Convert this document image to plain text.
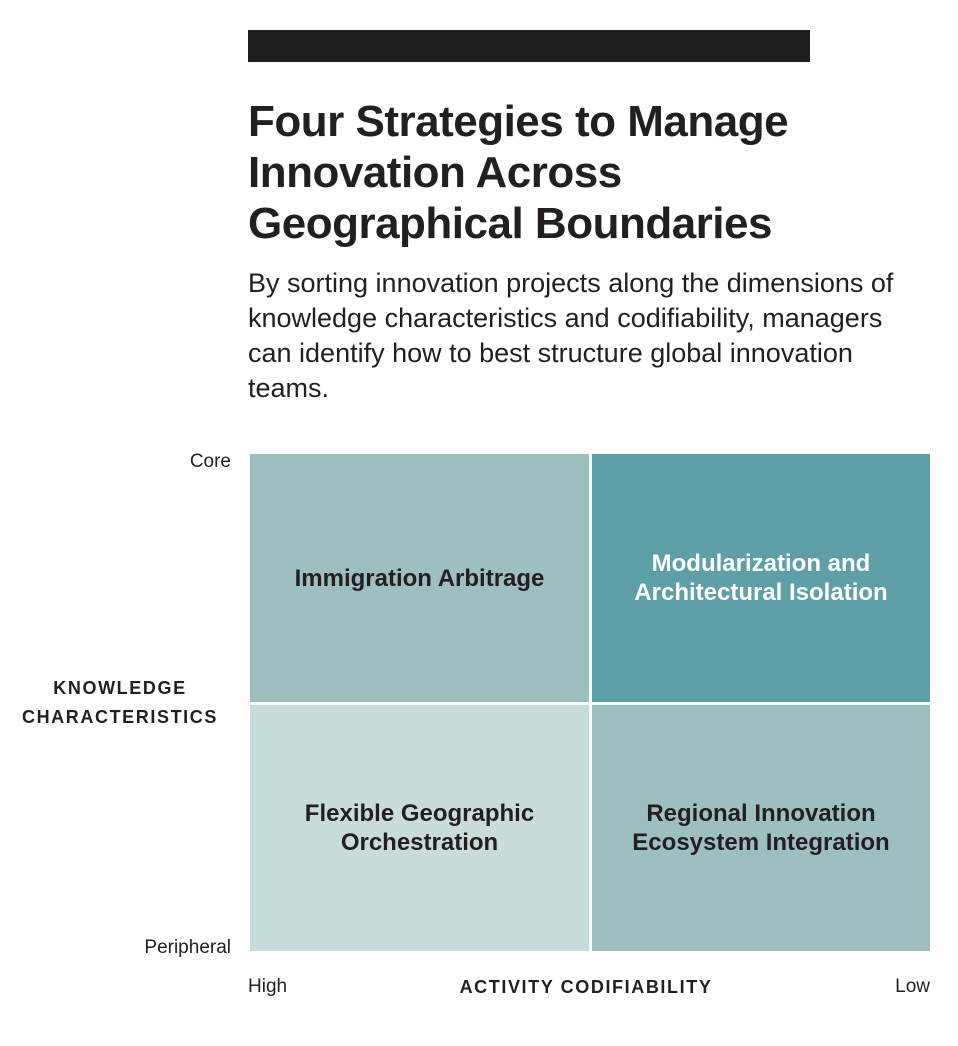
Four Strategies to Manage Innovation Across Geographical Boundaries

By sorting innovation projects along the dimensions of knowledge characteristics and codifiability, managers can identify how to best structure global innovation teams.

Core
Peripheral
KNOWLEDGE CHARACTERISTICS
Immigration Arbitrage
Modularization and Architectural Isolation
Flexible Geographic Orchestration
Regional Innovation Ecosystem Integration
High	ACTIVITY CODIFIABILITY	Low
